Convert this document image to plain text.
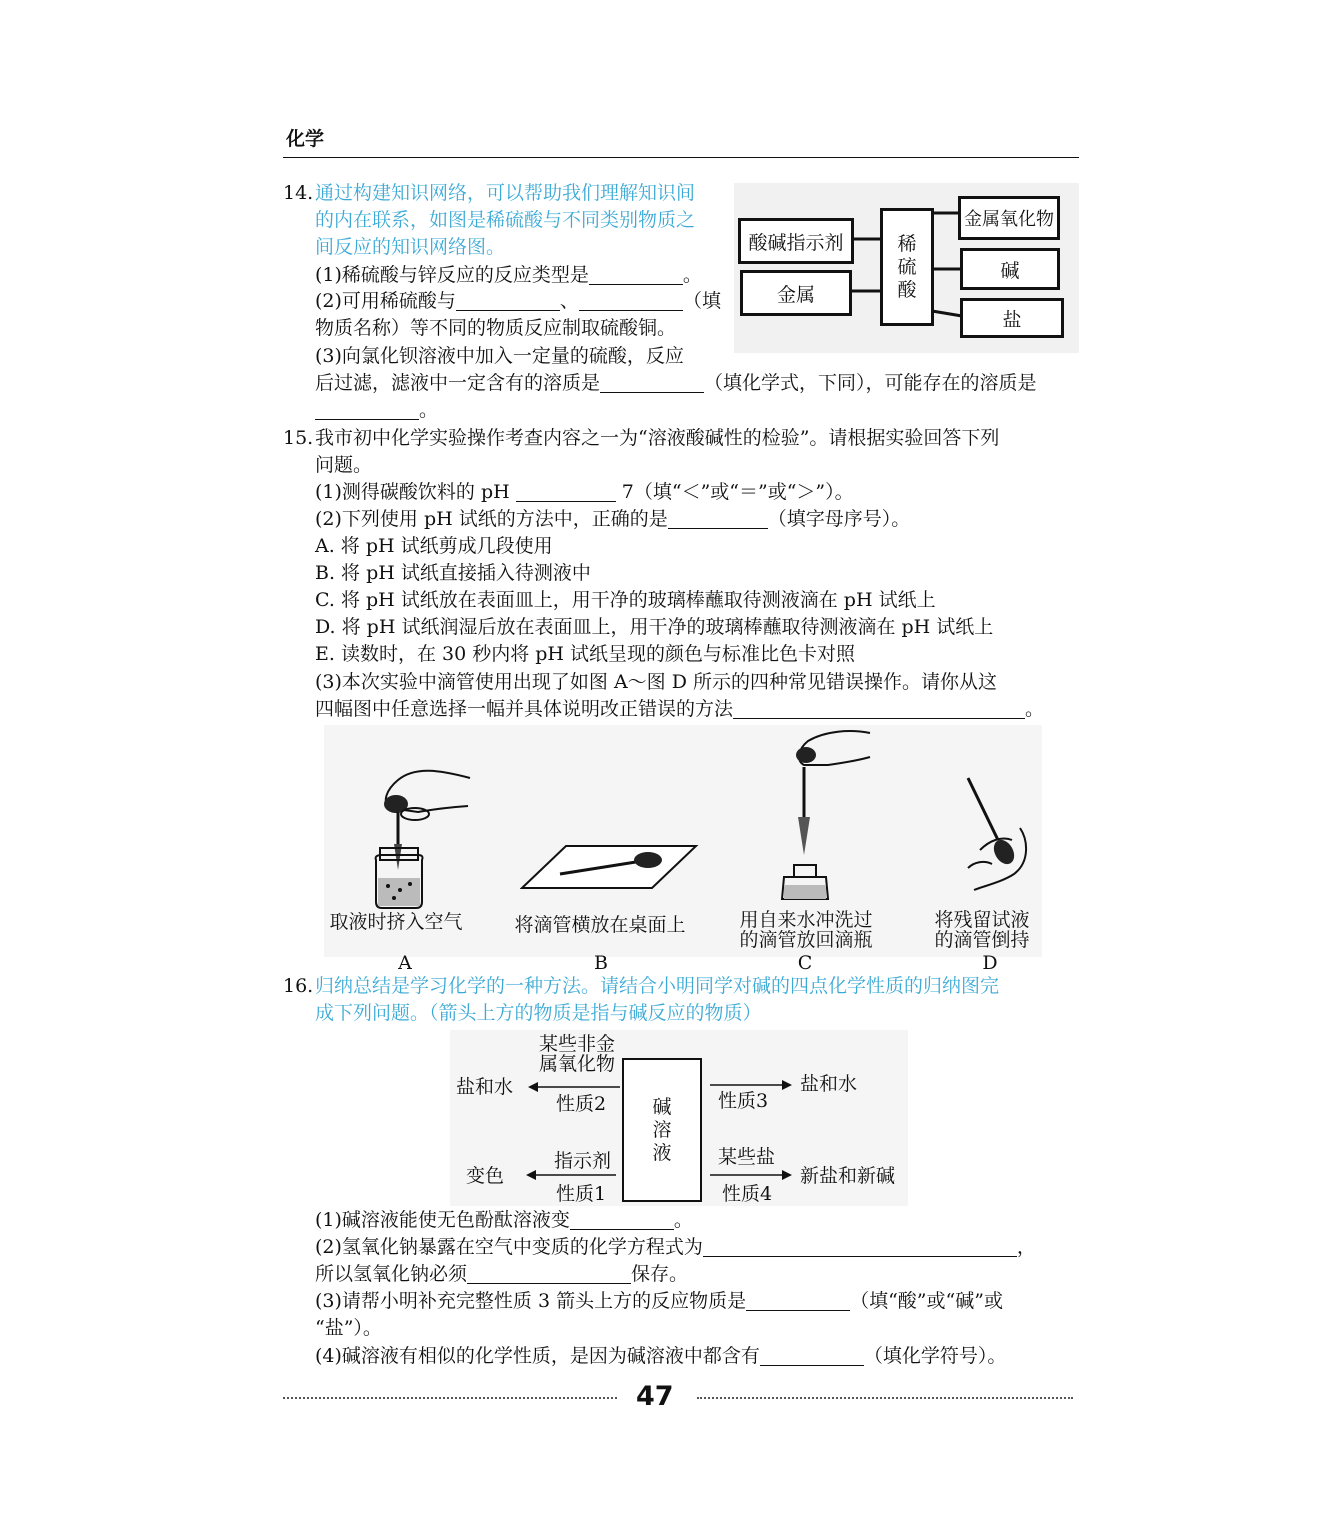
化学
14. 通过构建知识网络，可以帮助我们理解知识间
的内在联系，如图是稀硫酸与不同类别物质之
间反应的知识网络图。
(1)稀硫酸与锌反应的反应类型是	。
(2)可用稀硫酸与	、	（填
物质名称）等不同的物质反应制取硫酸铜。
(3)向氯化钡溶液中加入一定量的硫酸，反应
后过滤，滤液中一定含有的溶质是	（填化学式，下同），可能存在的溶质是
。
酸碱指示剂
金属
稀
硫
酸
金属氧化物
碱
盐
15. 我市初中化学实验操作考查内容之一为“溶液酸碱性的检验”。请根据实验回答下列
问题。
(1)测得碳酸饮料的 pH	7（填“＜”或“＝”或“＞”）。
(2)下列使用 pH 试纸的方法中，正确的是	（填字母序号）。
A. 将 pH 试纸剪成几段使用
B. 将 pH 试纸直接插入待测液中
C. 将 pH 试纸放在表面皿上，用干净的玻璃棒蘸取待测液滴在 pH 试纸上
D. 将 pH 试纸润湿后放在表面皿上，用干净的玻璃棒蘸取待测液滴在 pH 试纸上
E. 读数时，在 30 秒内将 pH 试纸呈现的颜色与标准比色卡对照
(3)本次实验中滴管使用出现了如图 A～图 D 所示的四种常见错误操作。请你从这
四幅图中任意选择一幅并具体说明改正错误的方法	。
取液时挤入空气	将滴管横放在桌面上	用自来水冲洗过
的滴管放回滴瓶
将残留试液
的滴管倒持
A	B	C	D
16. 归纳总结是学习化学的一种方法。请结合小明同学对碱的四点化学性质的归纳图完
成下列问题。（箭头上方的物质是指与碱反应的物质）
碱
溶
液
某些非金
属氧化物
盐和水
性质2
盐和水
性质3
指示剂
变色
性质1
某些盐
新盐和新碱
性质4
(1)碱溶液能使无色酚酞溶液变	。
(2)氢氧化钠暴露在空气中变质的化学方程式为	，
所以氢氧化钠必须	保存。
(3)请帮小明补充完整性质 3 箭头上方的反应物质是	（填“酸”或“碱”或
“盐”）。
(4)碱溶液有相似的化学性质，是因为碱溶液中都含有	（填化学符号）。
47
